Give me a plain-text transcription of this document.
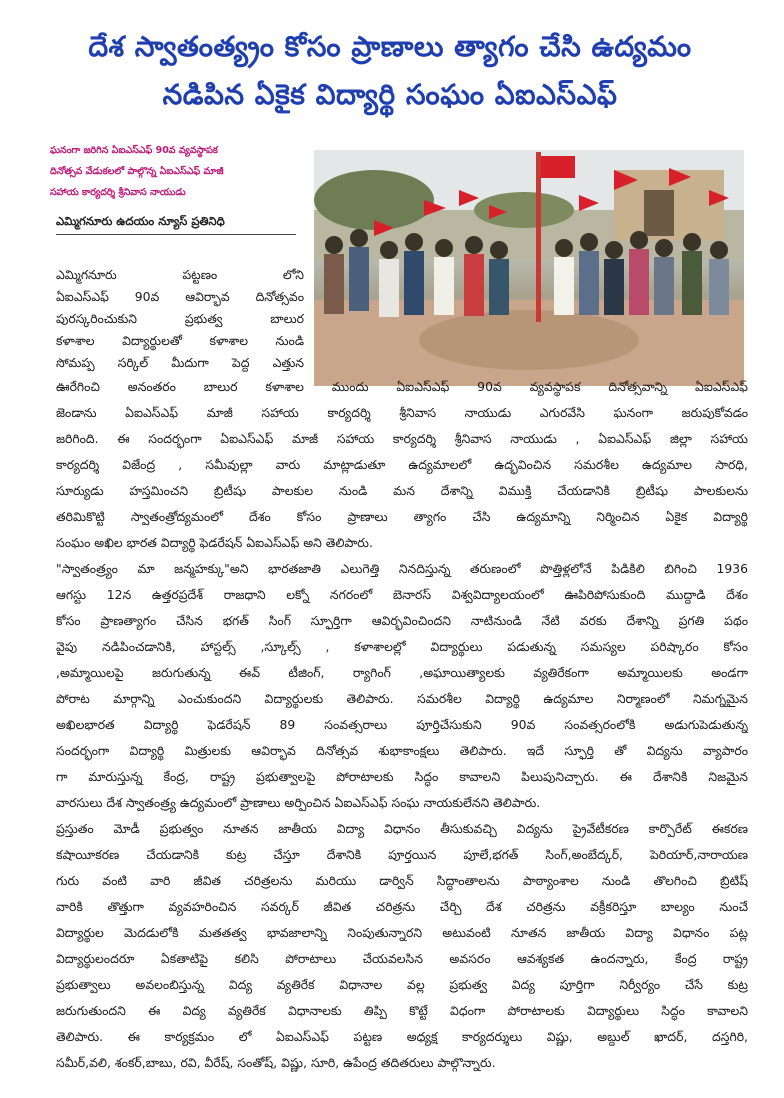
దేశ స్వాతంత్య్రం కోసం ప్రాణాలు త్యాగం చేసి ఉద్యమం
నడిపిన ఏకైక విద్యార్థి సంఘం ఏఐఎస్ఎఫ్
ఘనంగా జరిగిన ఏఐఎస్ఎఫ్ 90వ వ్యవస్థాపక
దినోత్సవ వేడుకలలో పాల్గొన్న ఏఐఎస్ఎఫ్ మాజీ
సహాయ కార్యదర్శి శ్రీనివాస నాయుడు
ఎమ్మిగనూరు ఉదయం న్యూస్ ప్రతినిధి
ఎమ్మిగనూరు పట్టణం లోని
ఏఐఎస్ఎఫ్ 90వ ఆవిర్భావ దినోత్సవం
పురస్కరించుకుని ప్రభుత్వ బాలుర
కళాశాల విద్యార్థులతో కళాశాల నుండి
సోమప్ప సర్కిల్ మీదుగా పెద్ద ఎత్తున
ఊరేగించి అనంతరం బాలుర కళాశాల ముందు ఏఐఎస్ఎఫ్ 90వ వ్యవస్థాపక దినోత్సవాన్ని ఏఐఎస్ఎఫ్
జెండాను ఏఐఎస్ఎఫ్ మాజీ సహాయ కార్యదర్శి శ్రీనివాస నాయుడు ఎగురవేసి ఘనంగా జరుపుకోవడం
జరిగింది. ఈ సందర్భంగా ఏఐఎస్ఎఫ్ మాజీ సహాయ కార్యదర్శి శ్రీనివాస నాయుడు , ఏఐఎస్ఎఫ్ జిల్లా సహాయ
కార్యదర్శి విజేంద్ర , సమీవుల్లా వారు మాట్లాడుతూ ఉద్యమాలలో ఉద్భవించిన సమరశీల ఉద్యమాల సారధి,
సూర్యుడు హస్తమించని బ్రిటీషు పాలకుల నుండి మన దేశాన్ని విముక్తి చేయడానికి బ్రిటీషు పాలకులను
తరిమికొట్టి స్వాతంత్రోద్యమంలో దేశం కోసం ప్రాణాలు త్యాగం చేసి ఉద్యమాన్ని నిర్మించిన ఏకైక విద్యార్థి
సంఘం అఖిల భారత విద్యార్థి ఫెడరేషన్ ఏఐఎస్ఎఫ్ అని తెలిపారు.
"స్వాతంత్ర్యం మా జన్మహక్కు"అని భారతజాతి ఎలుగెత్తి నినదిస్తున్న తరుణంలో పొత్తిళ్లలోనే పిడికిలి బిగించి 1936
ఆగస్టు 12న ఉత్తరప్రదేశ్ రాజధాని లక్నో నగరంలో బెనారస్ విశ్వవిద్యాలయంలో ఊపిరిపోసుకుంది ముద్దాడి దేశం
కోసం ప్రాణత్యాగం చేసిన భగత్ సింగ్ స్ఫూర్తిగా ఆవిర్భవించిందని నాటినుండి నేటి వరకు దేశాన్ని ప్రగతి పథం
వైపు నడిపించడానికి, హాస్టల్స్ ,స్కూల్స్ , కళాశాలల్లో విద్యార్థులు పడుతున్న సమస్యల పరిష్కారం కోసం
,అమ్మాయిలపై జరుగుతున్న ఈవ్ టీజింగ్, ర్యాగింగ్ ,అఘాయిత్యాలకు వ్యతిరేకంగా అమ్మాయిలకు అండగా
పోరాట మార్గాన్ని ఎంచుకుందని విద్యార్థులకు తెలిపారు. సమరశీల విద్యార్థి ఉద్యమాల నిర్మాణంలో నిమగ్నమైన
అఖిలభారత విద్యార్థి ఫెడరేషన్ 89 సంవత్సరాలు పూర్తిచేసుకుని 90వ సంవత్సరంలోకి అడుగుపెడుతున్న
సందర్భంగా విద్యార్థి మిత్రులకు ఆవిర్భావ దినోత్సవ శుభాకాంక్షలు తెలిపారు. ఇదే స్ఫూర్తి తో విద్యను వ్యాపారం
గా మారుస్తున్న కేంద్ర, రాష్ట్ర ప్రభుత్వాలపై పోరాటాలకు సిద్ధం కావాలని పిలుపునిచ్చారు. ఈ దేశానికి నిజమైన
వారసులు దేశ స్వాతంత్ర్య ఉద్యమంలో ప్రాణాలు అర్పించిన ఏఐఎస్ఎఫ్ సంఘ నాయకులేనని తెలిపారు.
ప్రస్తుతం మోడీ ప్రభుత్వం నూతన జాతీయ విద్యా విధానం తీసుకువచ్చి విద్యను ప్రైవేటీకరణ కార్పొరేట్ ఈకరణ
కషాయీకరణ చేయడానికి కుట్ర చేస్తూ దేశానికి పూర్తయిన పూలే,భగత్ సింగ్,అంబేద్కర్, పెరియార్,నారాయణ
గురు వంటి వారి జీవిత చరిత్రలను మరియు డార్విన్ సిద్ధాంతాలను పాఠ్యాంశాల నుండి తొలగించి బ్రిటిష్
వారికి తొత్తుగా వ్యవహరించిన సవర్కర్ జీవిత చరిత్రను చేర్చి దేశ చరిత్రను వక్రీకరిస్తూ బాల్యం నుంచే
విద్యార్థుల మెదడులోకి మతతత్వ భావజాలాన్ని నింపుతున్నారని అటువంటి నూతన జాతీయ విద్యా విధానం పట్ల
విద్యార్థులందరూ ఏకతాటిపై కలిసి పోరాటాలు చేయవలసిన అవసరం ఆవశ్యకత ఉందన్నారు, కేంద్ర రాష్ట్ర
ప్రభుత్వాలు అవలంబిస్తున్న విద్య వ్యతిరేక విధానాల వల్ల ప్రభుత్వ విద్య పూర్తిగా నిర్వీర్యం చేసే కుట్ర
జరుగుతుందని ఈ విద్య వ్యతిరేక విధానాలకు తిప్పి కొట్టే విధంగా పోరాటాలకు విద్యార్థులు సిద్ధం కావాలని
తెలిపారు. ఈ కార్యక్రమం లో ఏఐఎస్ఎఫ్ పట్టణ అధ్యక్ష కార్యదర్శులు విష్ణు, అబ్దుల్ ఖాదర్, దస్తగిరి,
సమీర్,వలి, శంకర్,బాబు, రవి, వీరేష్, సంతోష్, విష్ణు, సూరి, ఉపేంద్ర తదితరులు పాల్గొన్నారు.
